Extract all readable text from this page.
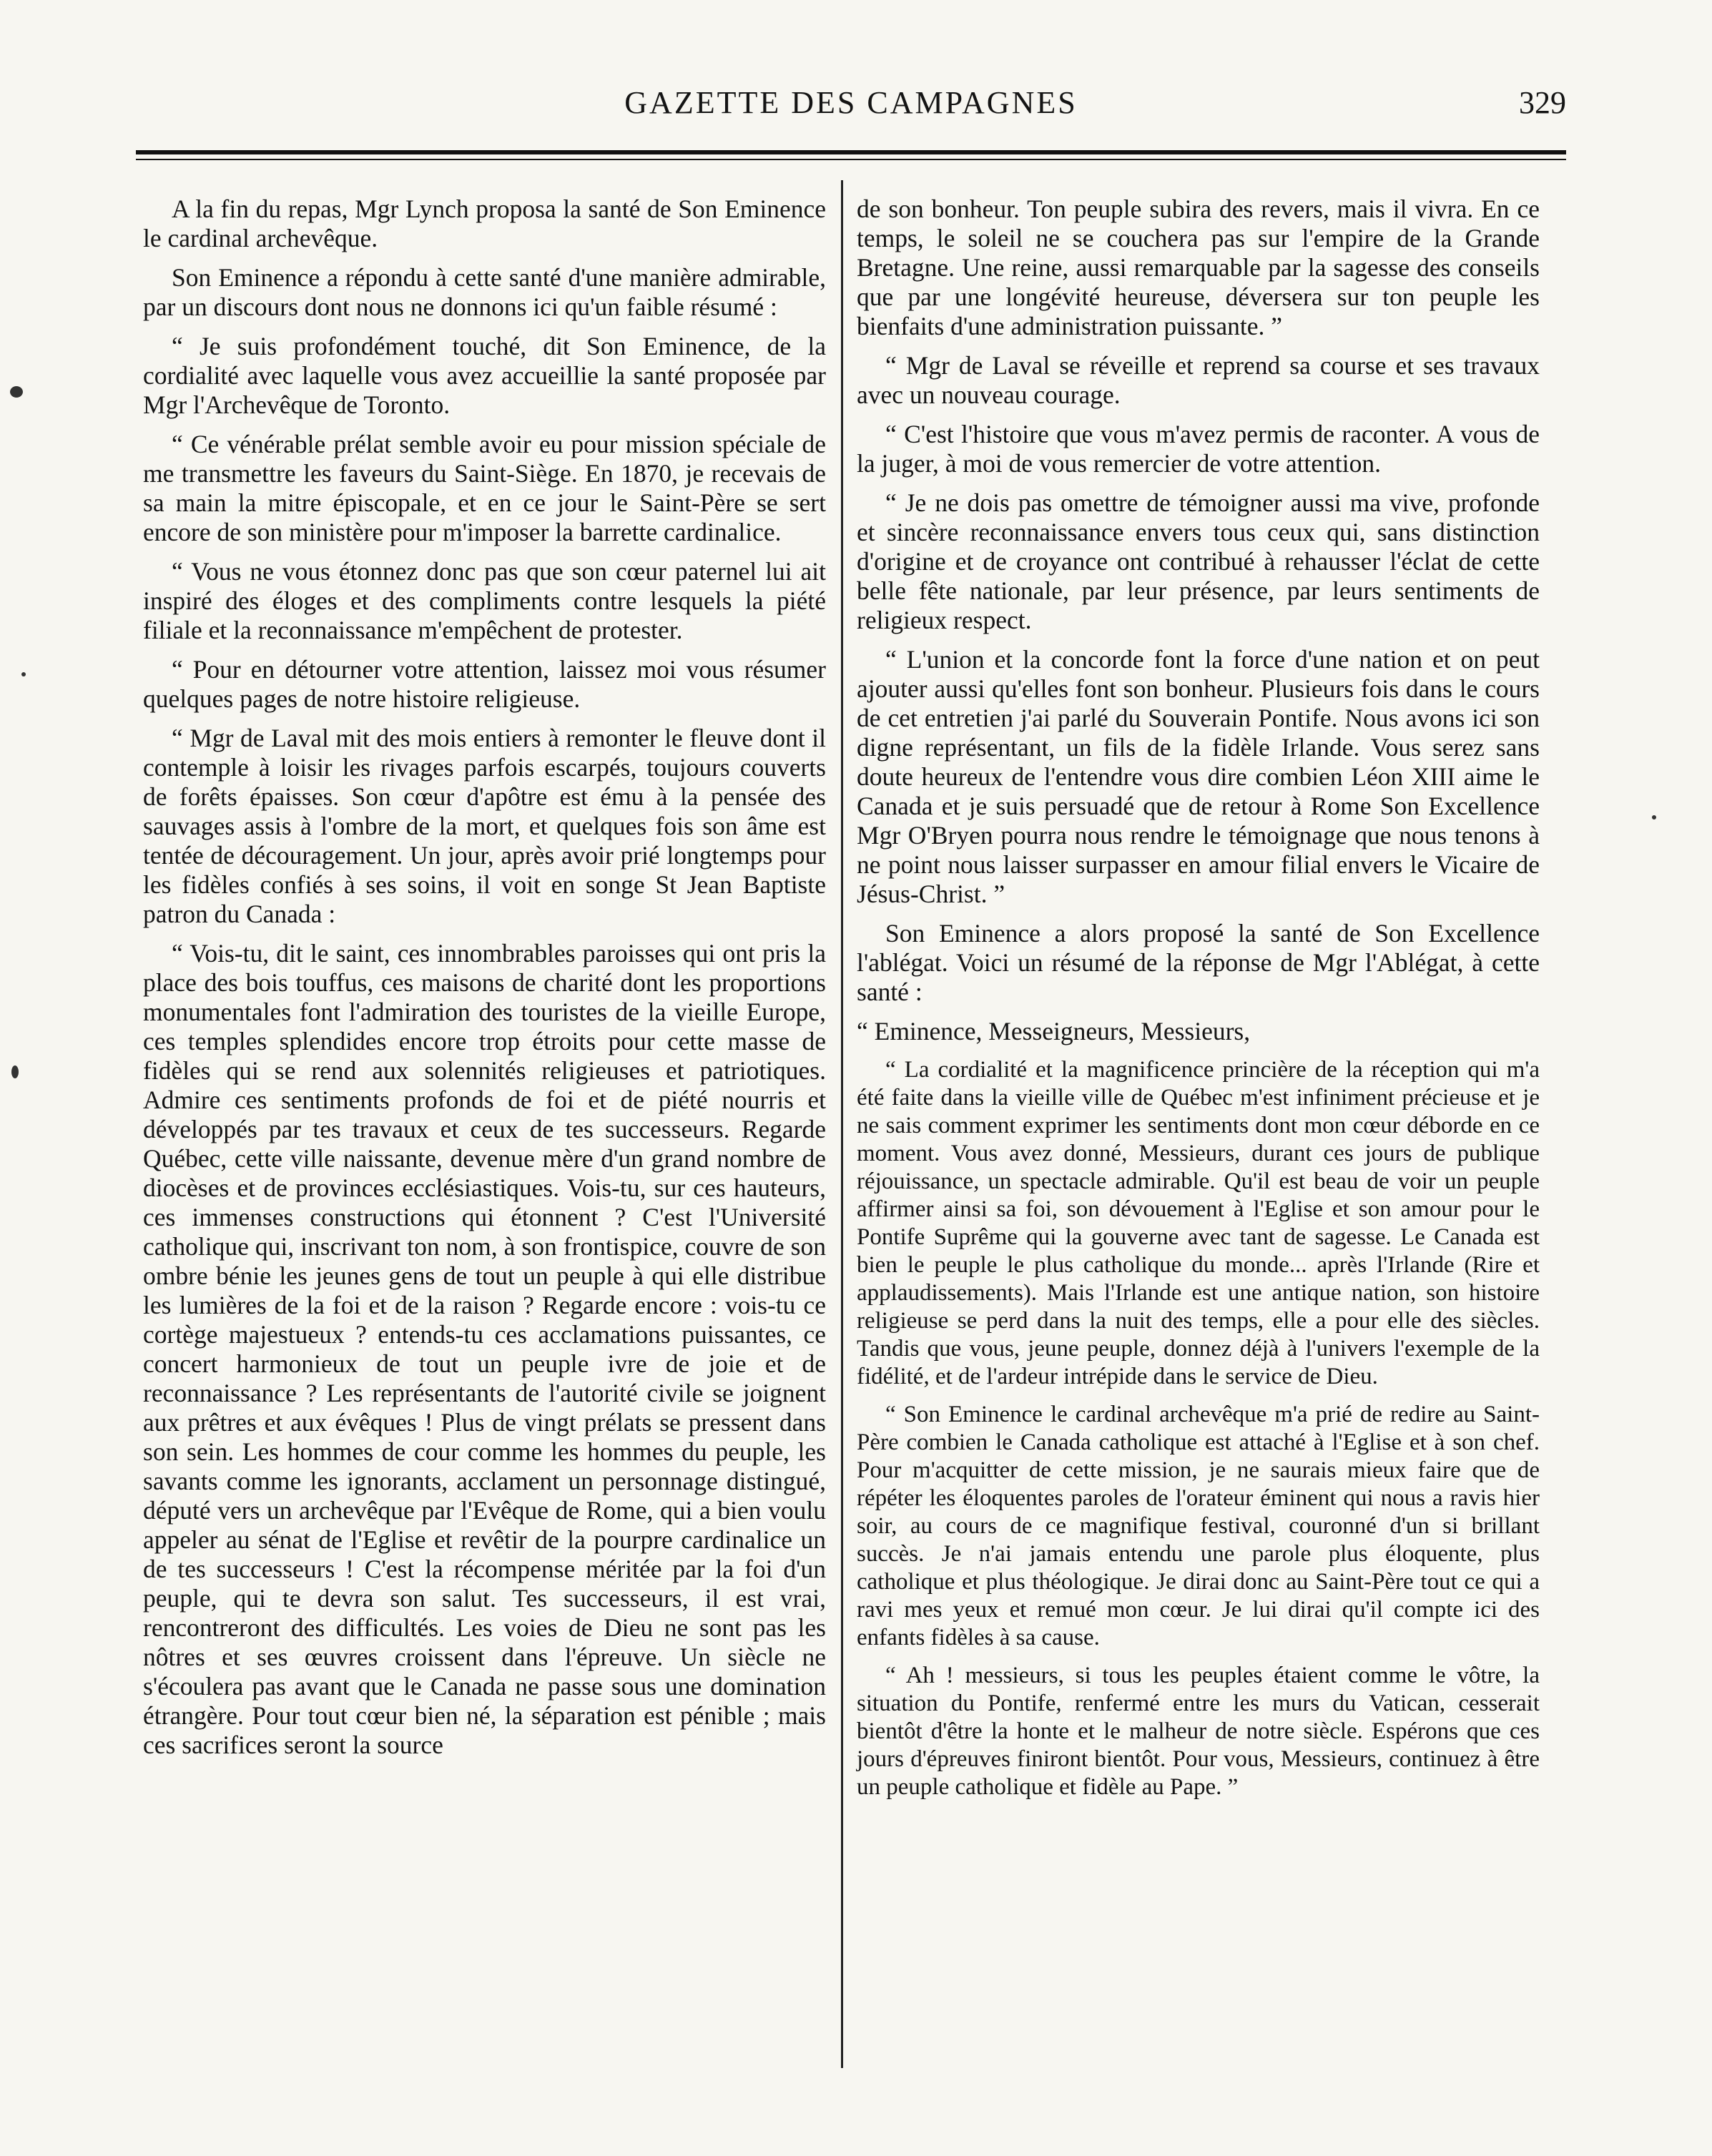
GAZETTE DES CAMPAGNES	329

A la fin du repas, Mgr Lynch proposa la santé de Son Eminence le cardinal archevêque.

Son Eminence a répondu à cette santé d'une manière admirable, par un discours dont nous ne donnons ici qu'un faible résumé :

“ Je suis profondément touché, dit Son Eminence, de la cordialité avec laquelle vous avez accueillie la santé proposée par Mgr l'Archevêque de Toronto.

“ Ce vénérable prélat semble avoir eu pour mission spéciale de me transmettre les faveurs du Saint-Siège. En 1870, je recevais de sa main la mitre épiscopale, et en ce jour le Saint-Père se sert encore de son ministère pour m'imposer la barrette cardinalice.

“ Vous ne vous étonnez donc pas que son cœur paternel lui ait inspiré des éloges et des compliments contre lesquels la piété filiale et la reconnaissance m'empêchent de protester.

“ Pour en détourner votre attention, laissez moi vous résumer quelques pages de notre histoire religieuse.

“ Mgr de Laval mit des mois entiers à remonter le fleuve dont il contemple à loisir les rivages parfois escarpés, toujours couverts de forêts épaisses. Son cœur d'apôtre est ému à la pensée des sauvages assis à l'ombre de la mort, et quelques fois son âme est tentée de découragement. Un jour, après avoir prié longtemps pour les fidèles confiés à ses soins, il voit en songe St Jean Baptiste patron du Canada :

“ Vois-tu, dit le saint, ces innombrables paroisses qui ont pris la place des bois touffus, ces maisons de charité dont les proportions monumentales font l'admiration des touristes de la vieille Europe, ces temples splendides encore trop étroits pour cette masse de fidèles qui se rend aux solennités religieuses et patriotiques. Admire ces sentiments profonds de foi et de piété nourris et développés par tes travaux et ceux de tes successeurs. Regarde Québec, cette ville naissante, devenue mère d'un grand nombre de diocèses et de provinces ecclésiastiques. Vois-tu, sur ces hauteurs, ces immenses constructions qui étonnent ? C'est l'Université catholique qui, inscrivant ton nom, à son frontispice, couvre de son ombre bénie les jeunes gens de tout un peuple à qui elle distribue les lumières de la foi et de la raison ? Regarde encore : vois-tu ce cortège majestueux ? entends-tu ces acclamations puissantes, ce concert harmonieux de tout un peuple ivre de joie et de reconnaissance ? Les représentants de l'autorité civile se joignent aux prêtres et aux évêques ! Plus de vingt prélats se pressent dans son sein. Les hommes de cour comme les hommes du peuple, les savants comme les ignorants, acclament un personnage distingué, député vers un archevêque par l'Evêque de Rome, qui a bien voulu appeler au sénat de l'Eglise et revêtir de la pourpre cardinalice un de tes successeurs ! C'est la récompense méritée par la foi d'un peuple, qui te devra son salut. Tes successeurs, il est vrai, rencontreront des difficultés. Les voies de Dieu ne sont pas les nôtres et ses œuvres croissent dans l'épreuve. Un siècle ne s'écoulera pas avant que le Canada ne passe sous une domination étrangère. Pour tout cœur bien né, la séparation est pénible ; mais ces sacrifices seront la source

de son bonheur. Ton peuple subira des revers, mais il vivra. En ce temps, le soleil ne se couchera pas sur l'empire de la Grande Bretagne. Une reine, aussi remarquable par la sagesse des conseils que par une longévité heureuse, déversera sur ton peuple les bienfaits d'une administration puissante. ”

“ Mgr de Laval se réveille et reprend sa course et ses travaux avec un nouveau courage.

“ C'est l'histoire que vous m'avez permis de raconter. A vous de la juger, à moi de vous remercier de votre attention.

“ Je ne dois pas omettre de témoigner aussi ma vive, profonde et sincère reconnaissance envers tous ceux qui, sans distinction d'origine et de croyance ont contribué à rehausser l'éclat de cette belle fête nationale, par leur présence, par leurs sentiments de religieux respect.

“ L'union et la concorde font la force d'une nation et on peut ajouter aussi qu'elles font son bonheur. Plusieurs fois dans le cours de cet entretien j'ai parlé du Souverain Pontife. Nous avons ici son digne représentant, un fils de la fidèle Irlande. Vous serez sans doute heureux de l'entendre vous dire combien Léon XIII aime le Canada et je suis persuadé que de retour à Rome Son Excellence Mgr O'Bryen pourra nous rendre le témoignage que nous tenons à ne point nous laisser surpasser en amour filial envers le Vicaire de Jésus-Christ. ”

Son Eminence a alors proposé la santé de Son Excellence l'ablégat. Voici un résumé de la réponse de Mgr l'Ablégat, à cette santé :

“ Eminence, Messeigneurs, Messieurs,

“ La cordialité et la magnificence princière de la réception qui m'a été faite dans la vieille ville de Québec m'est infiniment précieuse et je ne sais comment exprimer les sentiments dont mon cœur déborde en ce moment. Vous avez donné, Messieurs, durant ces jours de publique réjouissance, un spectacle admirable. Qu'il est beau de voir un peuple affirmer ainsi sa foi, son dévouement à l'Eglise et son amour pour le Pontife Suprême qui la gouverne avec tant de sagesse. Le Canada est bien le peuple le plus catholique du monde... après l'Irlande (Rire et applaudissements). Mais l'Irlande est une antique nation, son histoire religieuse se perd dans la nuit des temps, elle a pour elle des siècles. Tandis que vous, jeune peuple, donnez déjà à l'univers l'exemple de la fidélité, et de l'ardeur intrépide dans le service de Dieu.

“ Son Eminence le cardinal archevêque m'a prié de redire au Saint-Père combien le Canada catholique est attaché à l'Eglise et à son chef. Pour m'acquitter de cette mission, je ne saurais mieux faire que de répéter les éloquentes paroles de l'orateur éminent qui nous a ravis hier soir, au cours de ce magnifique festival, couronné d'un si brillant succès. Je n'ai jamais entendu une parole plus éloquente, plus catholique et plus théologique. Je dirai donc au Saint-Père tout ce qui a ravi mes yeux et remué mon cœur. Je lui dirai qu'il compte ici des enfants fidèles à sa cause.

“ Ah ! messieurs, si tous les peuples étaient comme le vôtre, la situation du Pontife, renfermé entre les murs du Vatican, cesserait bientôt d'être la honte et le malheur de notre siècle. Espérons que ces jours d'épreuves finiront bientôt. Pour vous, Messieurs, continuez à être un peuple catholique et fidèle au Pape. ”
